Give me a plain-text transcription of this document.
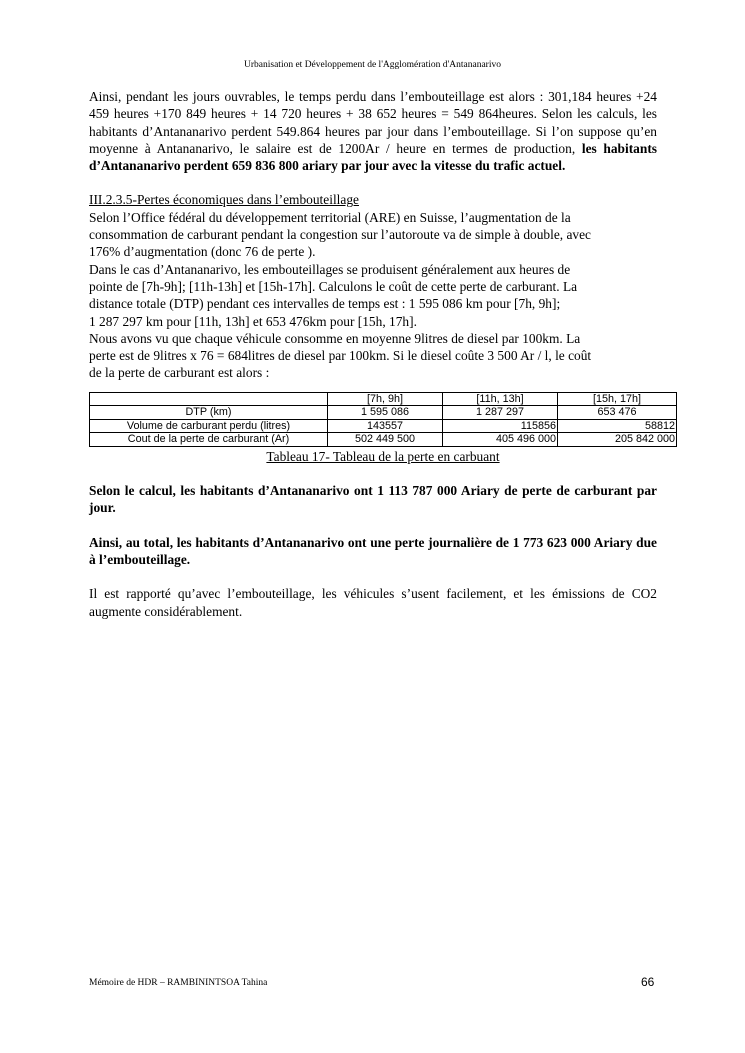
Urbanisation et Développement de l'Agglomération d'Antananarivo

Ainsi, pendant les jours ouvrables, le temps perdu dans l’embouteillage est alors : 301,184 heures +24 459 heures +170 849 heures + 14 720 heures + 38 652 heures = 549 864heures. Selon les calculs, les habitants d’Antananarivo perdent 549.864 heures par jour dans l’embouteillage. Si l’on suppose qu’en moyenne à Antananarivo, le salaire est de 1200Ar / heure en termes de production, les habitants d’Antananarivo perdent 659 836 800 ariary par jour avec la vitesse du trafic actuel.

III.2.3.5-Pertes économiques dans l’embouteillage

Selon l’Office fédéral du développement territorial (ARE) en Suisse, l’augmentation de la

consommation de carburant pendant la congestion sur l’autoroute va de simple à double, avec

176% d’augmentation (donc 76 de perte ).

Dans le cas d’Antananarivo, les embouteillages se produisent généralement aux heures de

pointe de [7h-9h]; [11h-13h] et [15h-17h]. Calculons le coût de cette perte de carburant. La

distance totale (DTP) pendant ces intervalles de temps est : 1 595 086 km pour [7h, 9h];

1 287 297 km pour [11h, 13h] et 653 476km pour [15h, 17h].

Nous avons vu que chaque véhicule consomme en moyenne 9litres de diesel par 100km. La

perte est de 9litres x 76 = 684litres de diesel par 100km. Si le diesel coûte 3 500 Ar / l, le coût

de la perte de carburant est alors :

	[7h, 9h]	[11h, 13h]	[15h, 17h]
DTP (km)	1 595 086	1 287 297	653 476
Volume de carburant perdu (litres)	143557	115856	58812
Cout de la perte de carburant (Ar)	502 449 500	405 496 000	205 842 000
Tableau 17- Tableau de la perte en carbuant

Selon le calcul, les habitants d’Antananarivo ont 1 113 787 000 Ariary de perte de carburant par jour.

Ainsi, au total, les habitants d’Antananarivo ont une perte journalière de 1 773 623 000 Ariary due à l’embouteillage.

Il est rapporté qu’avec l’embouteillage, les véhicules s’usent facilement, et les émissions de CO2 augmente considérablement.

Mémoire de HDR – RAMBININTSOA Tahina	66
